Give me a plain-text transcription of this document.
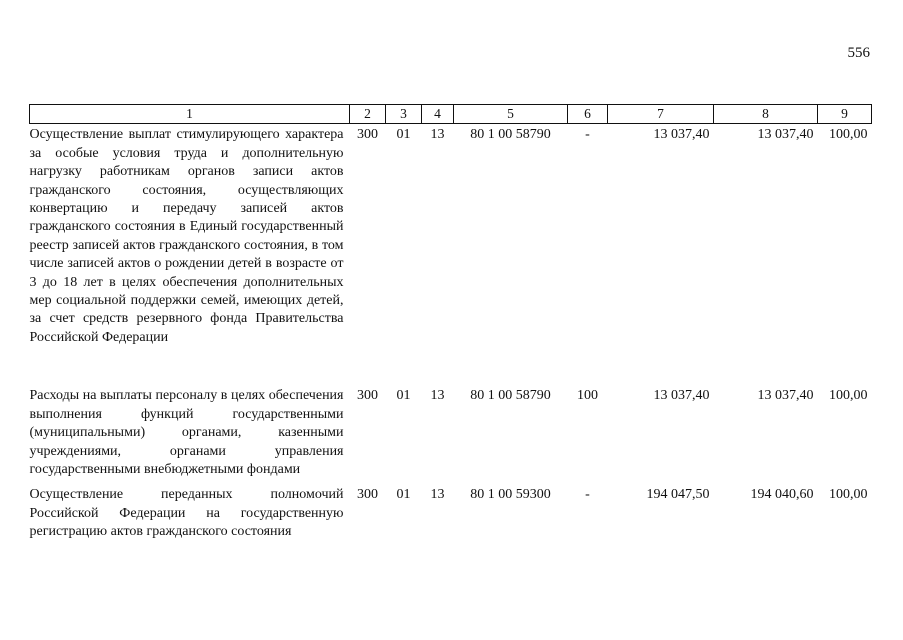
556
1	2	3	4	5	6	7	8	9
Осуществление выплат стимулирующего характера за особые условия труда и дополнительную нагрузку работникам органов записи актов гражданского состояния, осуществляющих конвертацию и передачу записей актов гражданского состояния в Единый государственный реестр записей актов гражданского состояния, в том числе записей актов о рождении детей в возрасте от 3 до 18 лет в целях обеспечения дополнительных мер социальной поддержки семей, имеющих детей, за счет средств резервного фонда Правительства Российской Федерации	300	01	13	80 1 00 58790	-	13 037,40	13 037,40	100,00
Расходы на выплаты персоналу в целях обеспечения выполнения функций государственными (муниципальными) органами, казенными учреждениями, органами управления государственными внебюджетными фондами	300	01	13	80 1 00 58790	100	13 037,40	13 037,40	100,00
Осуществление переданных полномочий Российской Федерации на государственную регистрацию актов гражданского состояния	300	01	13	80 1 00 59300	-	194 047,50	194 040,60	100,00
